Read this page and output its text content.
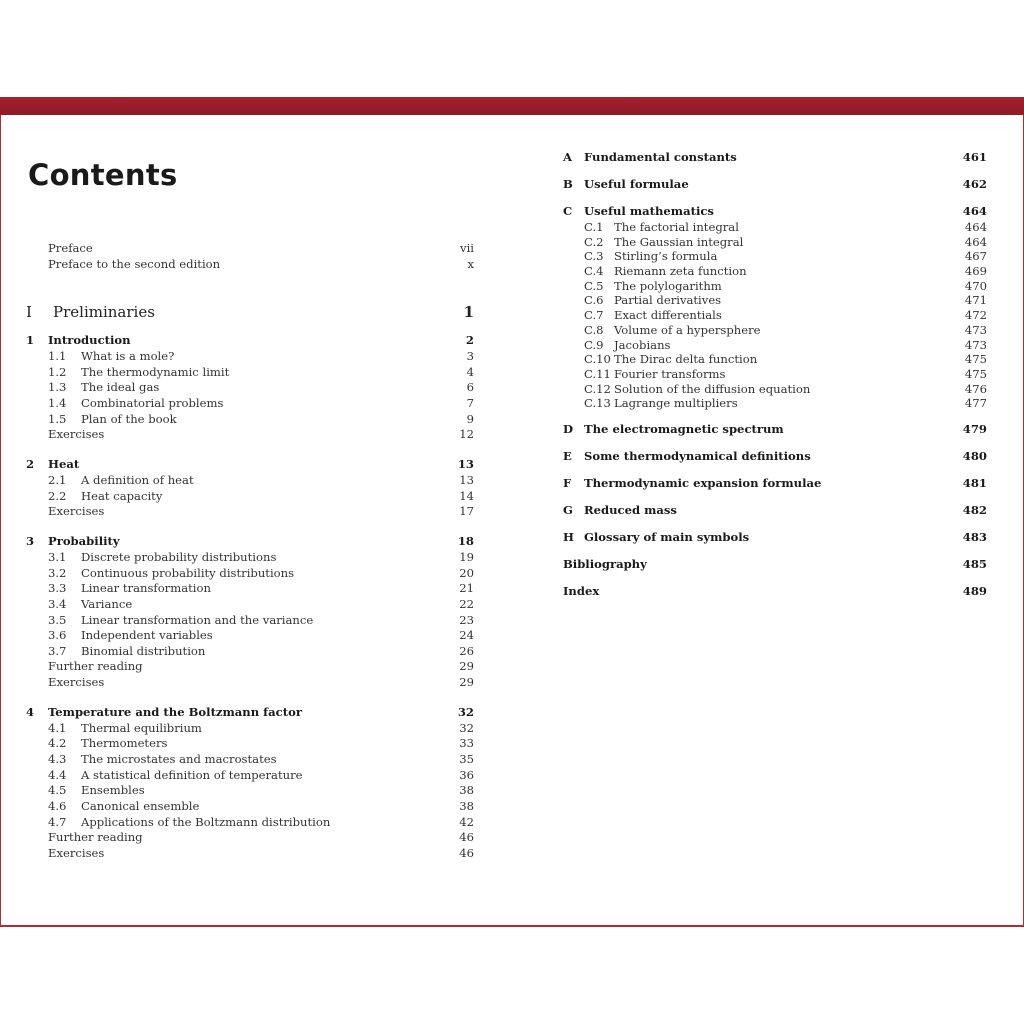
Contents
Preface	vii
Preface to the second edition	x
I Preliminaries	1
1 Introduction	2
1.1 What is a mole?	3
1.2 The thermodynamic limit	4
1.3 The ideal gas	6
1.4 Combinatorial problems	7
1.5 Plan of the book	9
Exercises	12
2 Heat	13
2.1 A definition of heat	13
2.2 Heat capacity	14
Exercises	17
3 Probability	18
3.1 Discrete probability distributions	19
3.2 Continuous probability distributions	20
3.3 Linear transformation	21
3.4 Variance	22
3.5 Linear transformation and the variance	23
3.6 Independent variables	24
3.7 Binomial distribution	26
Further reading	29
Exercises	29
4 Temperature and the Boltzmann factor	32
4.1 Thermal equilibrium	32
4.2 Thermometers	33
4.3 The microstates and macrostates	35
4.4 A statistical definition of temperature	36
4.5 Ensembles	38
4.6 Canonical ensemble	38
4.7 Applications of the Boltzmann distribution	42
Further reading	46
Exercises	46
A Fundamental constants	461
B Useful formulae	462
C Useful mathematics	464
C.1 The factorial integral	464
C.2 The Gaussian integral	464
C.3 Stirling’s formula	467
C.4 Riemann zeta function	469
C.5 The polylogarithm	470
C.6 Partial derivatives	471
C.7 Exact differentials	472
C.8 Volume of a hypersphere	473
C.9 Jacobians	473
C.10 The Dirac delta function	475
C.11 Fourier transforms	475
C.12 Solution of the diffusion equation	476
C.13 Lagrange multipliers	477
D The electromagnetic spectrum	479
E Some thermodynamical definitions	480
F Thermodynamic expansion formulae	481
G Reduced mass	482
H Glossary of main symbols	483
Bibliography	485
Index	489
